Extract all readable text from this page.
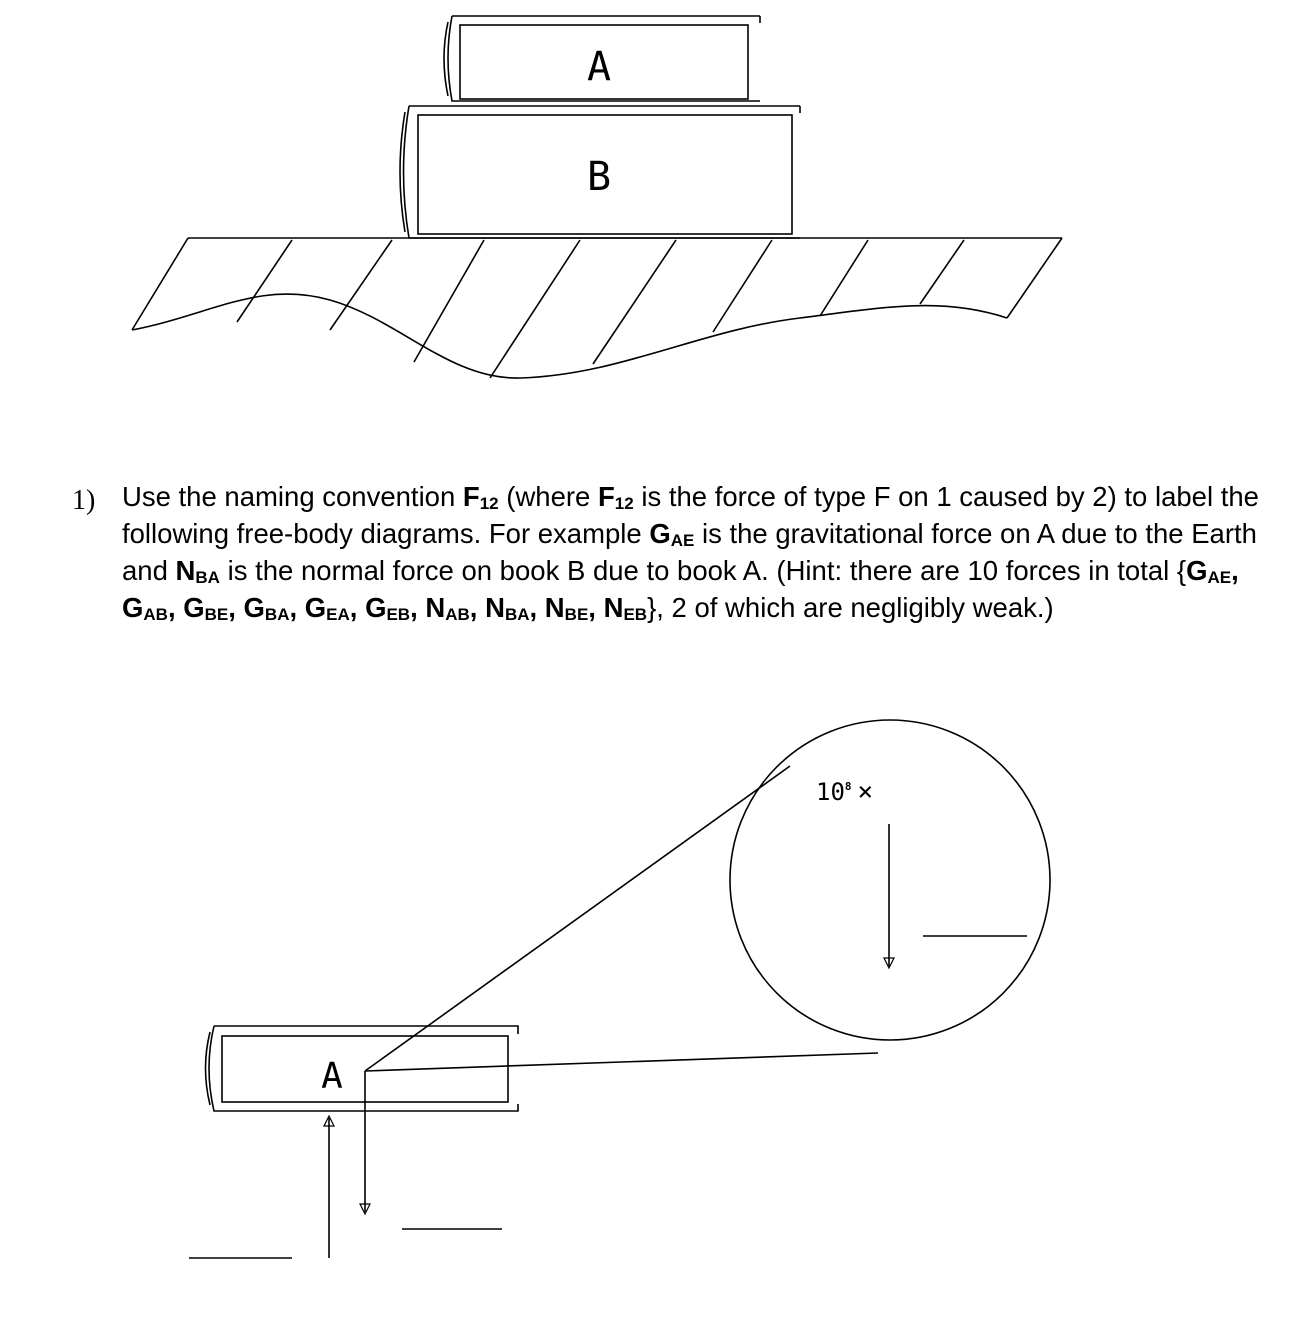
A
B
1) Use the naming convention $F_{12}$ (where $F_{12}$ is the force of type F on 1 caused by 2) to label the following free-body diagrams. For example $G_{AE}$ is the gravitational force on A due to the Earth and $N_{BA}$ is the normal force on book B due to book A. (Hint: there are 10 forces in total {$G_{AE}$, $G_{AB}$, $G_{BE}$, $G_{BA}$, $G_{EA}$, $G_{EB}$, $N_{AB}$, $N_{BA}$, $N_{BE}$, $N_{EB}$}, 2 of which are negligibly weak.)
A
$10^8$ ×
